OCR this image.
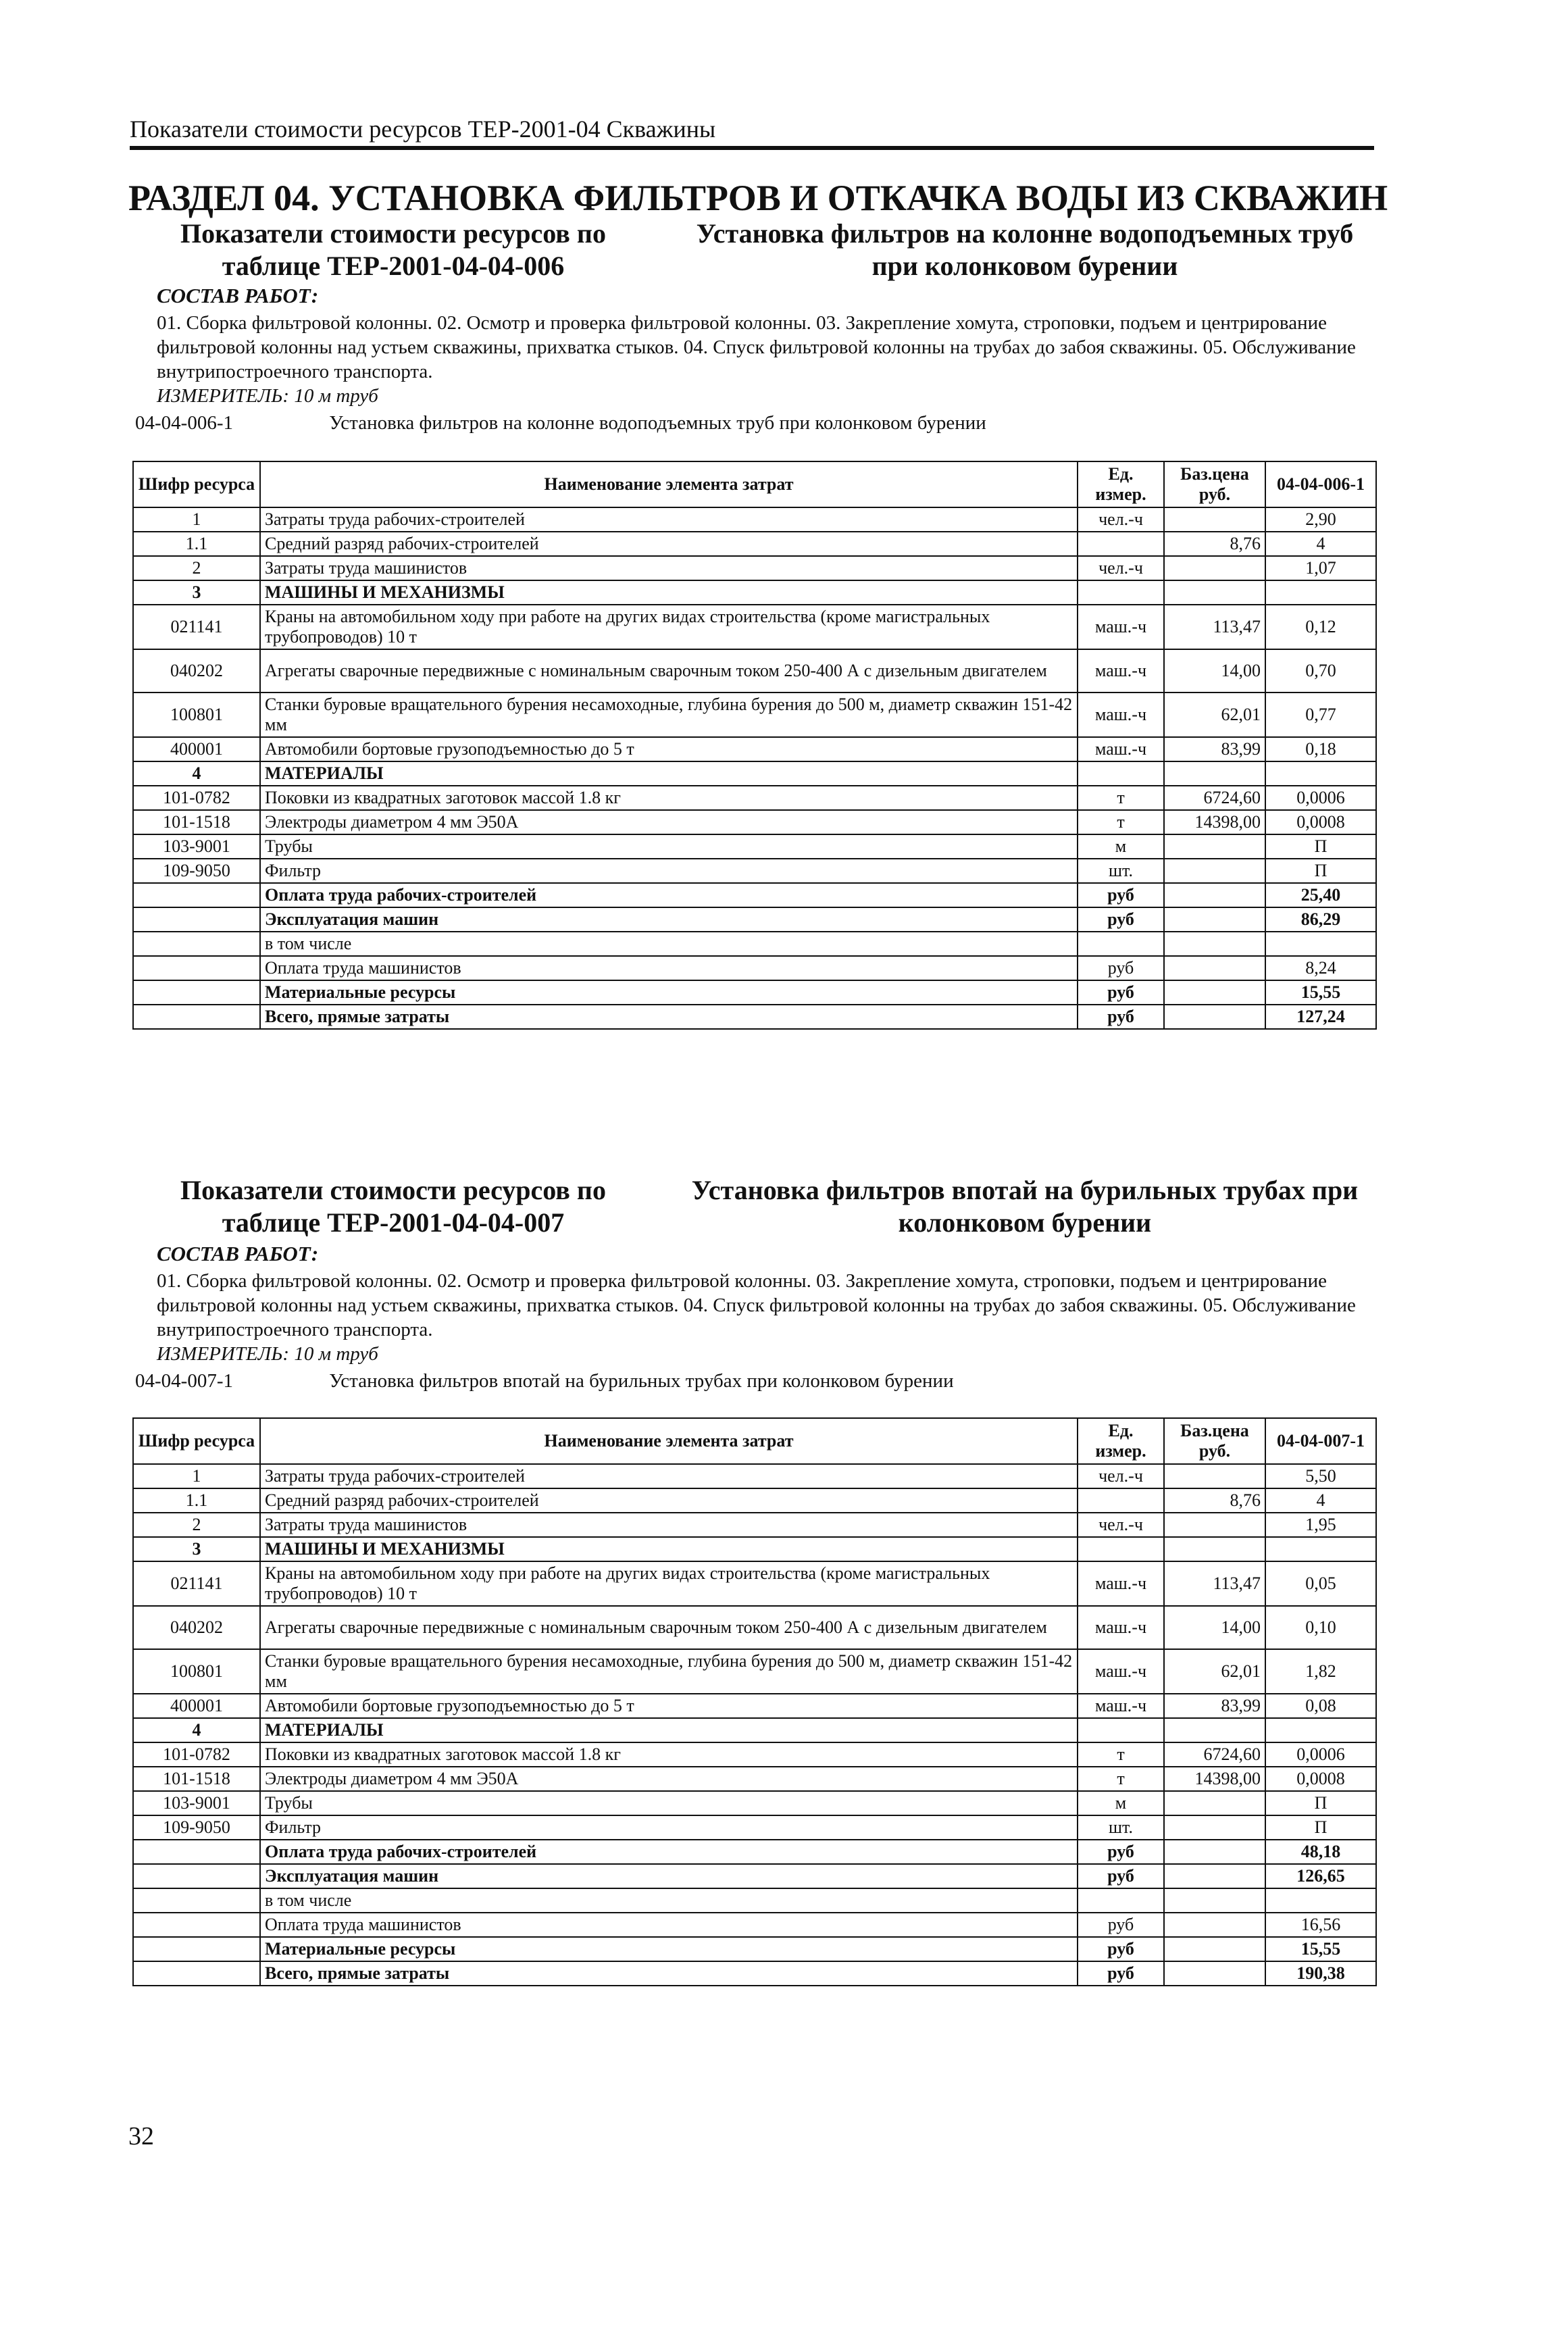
Показатели стоимости ресурсов ТЕР-2001-04 Скважины
РАЗДЕЛ 04. УСТАНОВКА ФИЛЬТРОВ И ОТКАЧКА ВОДЫ ИЗ СКВАЖИН
Показатели стоимости ресурсов по таблице ТЕР-2001-04-04-006
Установка фильтров на колонне водоподъемных труб при колонковом бурении
СОСТАВ РАБОТ:
01. Сборка фильтровой колонны. 02. Осмотр и проверка фильтровой колонны. 03. Закрепление хомута, строповки, подъем и центрирование фильтровой колонны над устьем скважины, прихватка стыков. 04. Спуск фильтровой колонны на трубах до забоя скважины. 05. Обслуживание внутрипостроечного транспорта.
ИЗМЕРИТЕЛЬ: 10 м труб
04-04-006-1	Установка фильтров на колонне водоподъемных труб при колонковом бурении
Шифр ресурса	Наименование элемента затрат	Ед. измер.	Баз.цена руб.	04-04-006-1
1	Затраты труда рабочих-строителей	чел.-ч		2,90
1.1	Средний разряд рабочих-строителей		8,76	4
2	Затраты труда машинистов	чел.-ч		1,07
3	МАШИНЫ И МЕХАНИЗМЫ			
021141	Краны на автомобильном ходу при работе на других видах строительства (кроме магистральных трубопроводов) 10 т	маш.-ч	113,47	0,12
040202	Агрегаты сварочные передвижные с номинальным сварочным током 250-400 А с дизельным двигателем	маш.-ч	14,00	0,70
100801	Станки буровые вращательного бурения несамоходные, глубина бурения до 500 м, диаметр скважин 151-42 мм	маш.-ч	62,01	0,77
400001	Автомобили бортовые грузоподъемностью до 5 т	маш.-ч	83,99	0,18
4	МАТЕРИАЛЫ			
101-0782	Поковки из квадратных заготовок массой 1.8 кг	т	6724,60	0,0006
101-1518	Электроды диаметром 4 мм Э50А	т	14398,00	0,0008
103-9001	Трубы	м		П
109-9050	Фильтр	шт.		П
	Оплата труда рабочих-строителей	руб		25,40
	Эксплуатация машин	руб		86,29
	в том числе			
	Оплата труда машинистов	руб		8,24
	Материальные ресурсы	руб		15,55
	Всего, прямые затраты	руб		127,24
Показатели стоимости ресурсов по таблице ТЕР-2001-04-04-007
Установка фильтров впотай на бурильных трубах при колонковом бурении
СОСТАВ РАБОТ:
01. Сборка фильтровой колонны. 02. Осмотр и проверка фильтровой колонны. 03. Закрепление хомута, строповки, подъем и центрирование фильтровой колонны над устьем скважины, прихватка стыков. 04. Спуск фильтровой колонны на трубах до забоя скважины. 05. Обслуживание внутрипостроечного транспорта.
ИЗМЕРИТЕЛЬ: 10 м труб
04-04-007-1	Установка фильтров впотай на бурильных трубах при колонковом бурении
Шифр ресурса	Наименование элемента затрат	Ед. измер.	Баз.цена руб.	04-04-007-1
1	Затраты труда рабочих-строителей	чел.-ч		5,50
1.1	Средний разряд рабочих-строителей		8,76	4
2	Затраты труда машинистов	чел.-ч		1,95
3	МАШИНЫ И МЕХАНИЗМЫ			
021141	Краны на автомобильном ходу при работе на других видах строительства (кроме магистральных трубопроводов) 10 т	маш.-ч	113,47	0,05
040202	Агрегаты сварочные передвижные с номинальным сварочным током 250-400 А с дизельным двигателем	маш.-ч	14,00	0,10
100801	Станки буровые вращательного бурения несамоходные, глубина бурения до 500 м, диаметр скважин 151-42 мм	маш.-ч	62,01	1,82
400001	Автомобили бортовые грузоподъемностью до 5 т	маш.-ч	83,99	0,08
4	МАТЕРИАЛЫ			
101-0782	Поковки из квадратных заготовок массой 1.8 кг	т	6724,60	0,0006
101-1518	Электроды диаметром 4 мм Э50А	т	14398,00	0,0008
103-9001	Трубы	м		П
109-9050	Фильтр	шт.		П
	Оплата труда рабочих-строителей	руб		48,18
	Эксплуатация машин	руб		126,65
	в том числе			
	Оплата труда машинистов	руб		16,56
	Материальные ресурсы	руб		15,55
	Всего, прямые затраты	руб		190,38
32
